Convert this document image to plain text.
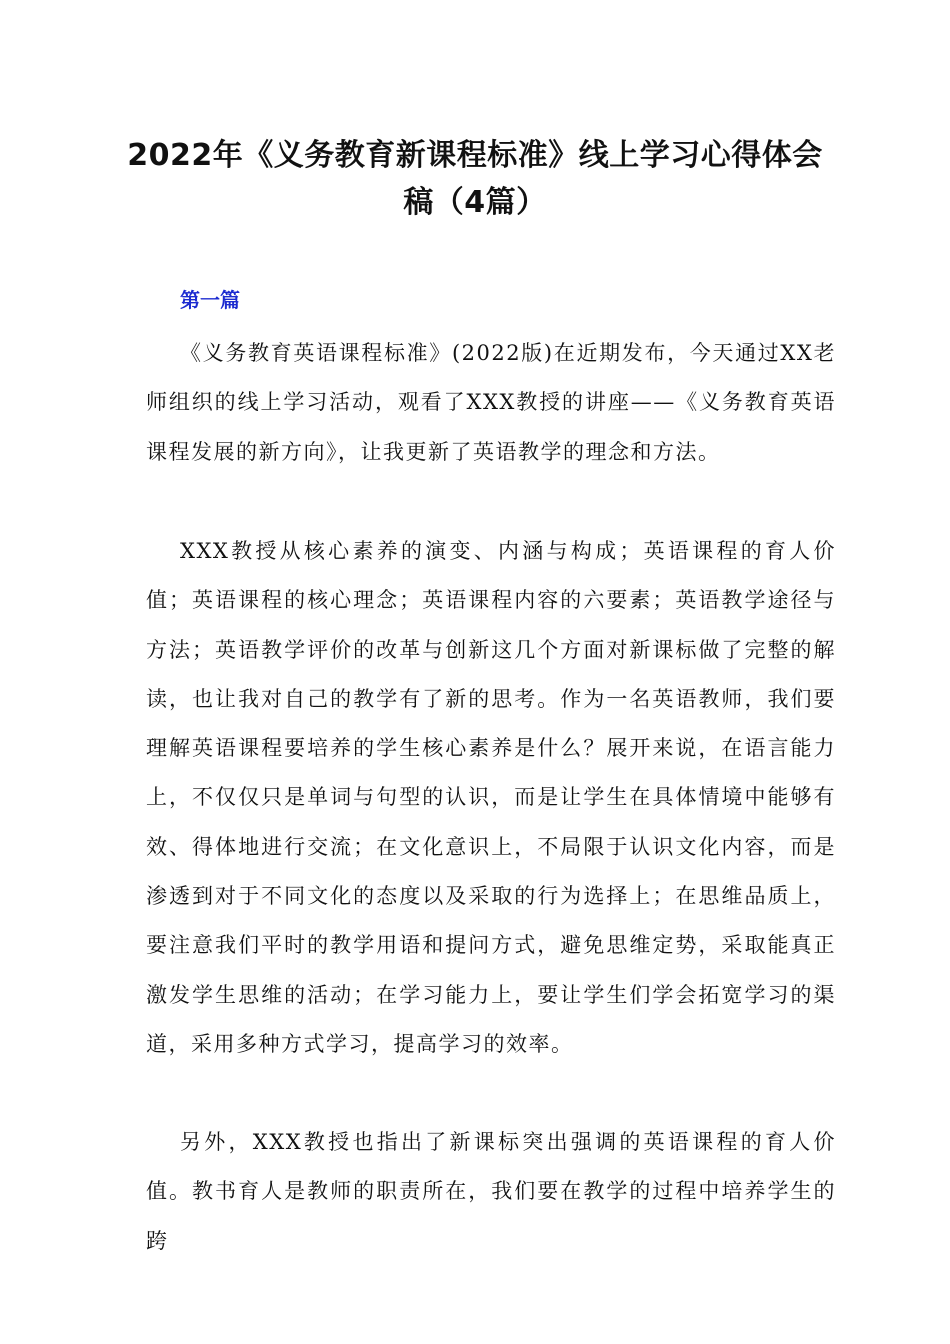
2022年《义务教育新课程标准》线上学习心得体会稿（4篇）
第一篇

《义务教育英语课程标准》(2022版)在近期发布，今天通过XX老师组织的线上学习活动，观看了XXX教授的讲座——《义务教育英语课程发展的新方向》，让我更新了英语教学的理念和方法。

XXX教授从核心素养的演变、内涵与构成；英语课程的育人价值；英语课程的核心理念；英语课程内容的六要素；英语教学途径与方法；英语教学评价的改革与创新这几个方面对新课标做了完整的解读，也让我对自己的教学有了新的思考。作为一名英语教师，我们要理解英语课程要培养的学生核心素养是什么？展开来说，在语言能力上，不仅仅只是单词与句型的认识，而是让学生在具体情境中能够有效、得体地进行交流；在文化意识上，不局限于认识文化内容，而是渗透到对于不同文化的态度以及采取的行为选择上；在思维品质上，要注意我们平时的教学用语和提问方式，避免思维定势，采取能真正激发学生思维的活动；在学习能力上，要让学生们学会拓宽学习的渠道，采用多种方式学习，提高学习的效率。

另外，XXX教授也指出了新课标突出强调的英语课程的育人价值。教书育人是教师的职责所在，我们要在教学的过程中培养学生的跨
